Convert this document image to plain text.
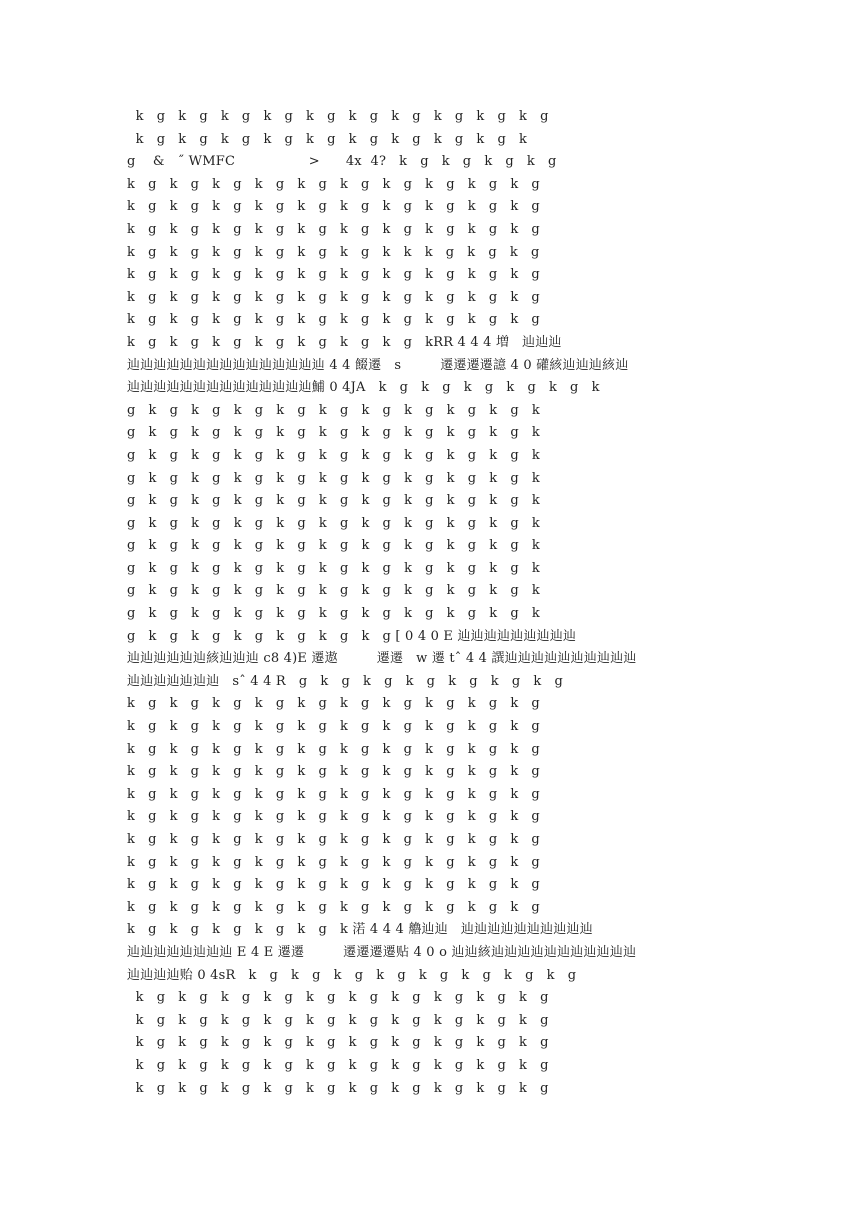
k   g   k   g   k   g   k   g   k   g   k   g   k   g   k   g   k   g   k   g
k   g   k   g   k   g   k   g   k   g   k   g   k   g   k   g   k   g   k
g    &   ˝ WMFC                 >      4x  4?   k   g   k   g   k   g   k   g
k   g   k   g   k   g   k   g   k   g   k   g   k   g   k   g   k   g   k   g
k   g   k   g   k   g   k   g   k   g   k   g   k   g   k   g   k   g   k   g
k   g   k   g   k   g   k   g   k   g   k   g   k   g   k   g   k   g   k   g
k   g   k   g   k   g   k   g   k   g   k   g   k   k   k   g   k   g   k   g
k   g   k   g   k   g   k   g   k   g   k   g   k   g   k   g   k   g   k   g
k   g   k   g   k   g   k   g   k   g   k   g   k   g   k   g   k   g   k   g
k   g   k   g   k   g   k   g   k   g   k   g   k   g   k   g   k   g   k   g
k   g   k   g   k   g   k   g   k   g   k   g   k   g   kRR 4 4 4 増   辿辿辿
辿辿辿辿辿辿辿辿辿辿辿辿辿辿辿 4 4 餟遷   s         遷遷遷遷譩 4 0 礶絯辿辿辿絯辿
辿辿辿辿辿辿辿辿辿辿辿辿辿辿鯆 0 4JA   k   g   k   g   k   g   k   g   k   g   k
g   k   g   k   g   k   g   k   g   k   g   k   g   k   g   k   g   k   g   k
g   k   g   k   g   k   g   k   g   k   g   k   g   k   g   k   g   k   g   k
g   k   g   k   g   k   g   k   g   k   g   k   g   k   g   k   g   k   g   k
g   k   g   k   g   k   g   k   g   k   g   k   g   k   g   k   g   k   g   k
g   k   g   k   g   k   g   k   g   k   g   k   g   k   g   k   g   k   g   k
g   k   g   k   g   k   g   k   g   k   g   k   g   k   g   k   g   k   g   k
g   k   g   k   g   k   g   k   g   k   g   k   g   k   g   k   g   k   g   k
g   k   g   k   g   k   g   k   g   k   g   k   g   k   g   k   g   k   g   k
g   k   g   k   g   k   g   k   g   k   g   k   g   k   g   k   g   k   g   k
g   k   g   k   g   k   g   k   g   k   g   k   g   k   g   k   g   k   g   k
g   k   g   k   g   k   g   k   g   k   g   k   g [ 0 4 0 E 辿辿辿辿辿辿辿辿辿
辿辿辿辿辿辿絯辿辿辿 c8 4)E 遷遨         遷遷   w 遷 tˆ 4 4 譔辿辿辿辿辿辿辿辿辿辿
辿辿辿辿辿辿辿   sˆ 4 4 R   g   k   g   k   g   k   g   k   g   k   g   k   g
k   g   k   g   k   g   k   g   k   g   k   g   k   g   k   g   k   g   k   g
k   g   k   g   k   g   k   g   k   g   k   g   k   g   k   g   k   g   k   g
k   g   k   g   k   g   k   g   k   g   k   g   k   g   k   g   k   g   k   g
k   g   k   g   k   g   k   g   k   g   k   g   k   g   k   g   k   g   k   g
k   g   k   g   k   g   k   g   k   g   k   g   k   g   k   g   k   g   k   g
k   g   k   g   k   g   k   g   k   g   k   g   k   g   k   g   k   g   k   g
k   g   k   g   k   g   k   g   k   g   k   g   k   g   k   g   k   g   k   g
k   g   k   g   k   g   k   g   k   g   k   g   k   g   k   g   k   g   k   g
k   g   k   g   k   g   k   g   k   g   k   g   k   g   k   g   k   g   k   g
k   g   k   g   k   g   k   g   k   g   k   g   k   g   k   g   k   g   k   g
k   g   k   g   k   g   k   g   k   g   k 渃 4 4 4 艪辿辿   辿辿辿辿辿辿辿辿辿辿
辿辿辿辿辿辿辿辿 E 4 E 遷遷         遷遷遷遷贴 4 0 o 辿辿絯辿辿辿辿辿辿辿辿辿辿辿
辿辿辿辿贻 0 4sR   k   g   k   g   k   g   k   g   k   g   k   g   k   g   k   g
k   g   k   g   k   g   k   g   k   g   k   g   k   g   k   g   k   g   k   g
k   g   k   g   k   g   k   g   k   g   k   g   k   g   k   g   k   g   k   g
k   g   k   g   k   g   k   g   k   g   k   g   k   g   k   g   k   g   k   g
k   g   k   g   k   g   k   g   k   g   k   g   k   g   k   g   k   g   k   g
k   g   k   g   k   g   k   g   k   g   k   g   k   g   k   g   k   g   k   g
